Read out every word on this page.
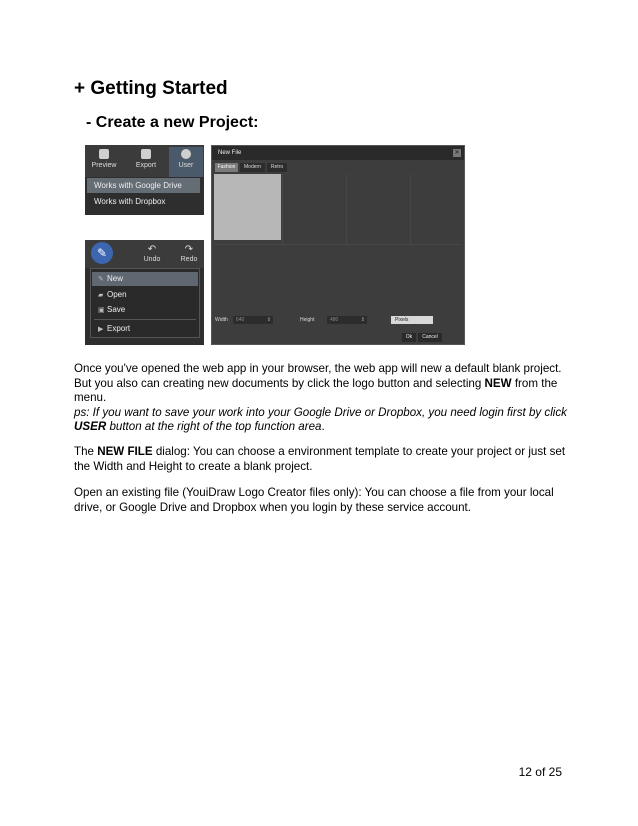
+ Getting Started
- Create a new Project:
Preview	Export	User
Works with Google Drive
Works with Dropbox
✎	↶
Undo
↷
Redo
✎ New
▰ Open
▣ Save
▶ Export
New File	✕
Fashion	Modern	Retro
Width	640	⇕	Height	480	⇕	Pixels
Ok	Cancel

Once you've opened the web app in your browser, the web app will new a default blank project. But you also can creating new documents by click the logo button and selecting NEW from the menu.
ps: If you want to save your work into your Google Drive or Dropbox, you need login first by click USER button at the right of the top function area.

The NEW FILE dialog: You can choose a environment template to create your project or just set the Width and Height to create a blank project.

Open an existing file (YouiDraw Logo Creator files only): You can choose a file from your local drive, or Google Drive and Dropbox when you login by these service account.

12 of 25
